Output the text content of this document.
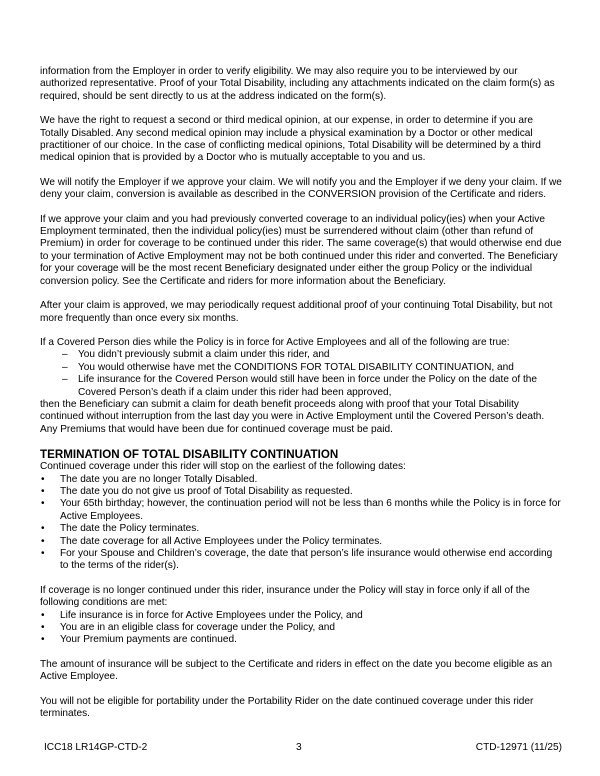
information from the Employer in order to verify eligibility. We may also require you to be interviewed by our authorized representative. Proof of your Total Disability, including any attachments indicated on the claim form(s) as required, should be sent directly to us at the address indicated on the form(s).

We have the right to request a second or third medical opinion, at our expense, in order to determine if you are Totally Disabled. Any second medical opinion may include a physical examination by a Doctor or other medical practitioner of our choice. In the case of conflicting medical opinions, Total Disability will be determined by a third medical opinion that is provided by a Doctor who is mutually acceptable to you and us.

We will notify the Employer if we approve your claim. We will notify you and the Employer if we deny your claim. If we deny your claim, conversion is available as described in the CONVERSION provision of the Certificate and riders.

If we approve your claim and you had previously converted coverage to an individual policy(ies) when your Active Employment terminated, then the individual policy(ies) must be surrendered without claim (other than refund of Premium) in order for coverage to be continued under this rider. The same coverage(s) that would otherwise end due to your termination of Active Employment may not be both continued under this rider and converted. The Beneficiary for your coverage will be the most recent Beneficiary designated under either the group Policy or the individual conversion policy. See the Certificate and riders for more information about the Beneficiary.

After your claim is approved, we may periodically request additional proof of your continuing Total Disability, but not more frequently than once every six months.

If a Covered Person dies while the Policy is in force for Active Employees and all of the following are true:

– You didn’t previously submit a claim under this rider, and
– You would otherwise have met the CONDITIONS FOR TOTAL DISABILITY CONTINUATION, and
– Life insurance for the Covered Person would still have been in force under the Policy on the date of the Covered Person’s death if a claim under this rider had been approved,

then the Beneficiary can submit a claim for death benefit proceeds along with proof that your Total Disability continued without interruption from the last day you were in Active Employment until the Covered Person’s death. Any Premiums that would have been due for continued coverage must be paid.

TERMINATION OF TOTAL DISABILITY CONTINUATION

Continued coverage under this rider will stop on the earliest of the following dates:

• The date you are no longer Totally Disabled.
• The date you do not give us proof of Total Disability as requested.
• Your 65th birthday; however, the continuation period will not be less than 6 months while the Policy is in force for Active Employees.
• The date the Policy terminates.
• The date coverage for all Active Employees under the Policy terminates.
• For your Spouse and Children’s coverage, the date that person’s life insurance would otherwise end according to the terms of the rider(s).

If coverage is no longer continued under this rider, insurance under the Policy will stay in force only if all of the following conditions are met:

• Life insurance is in force for Active Employees under the Policy, and
• You are in an eligible class for coverage under the Policy, and
• Your Premium payments are continued.

The amount of insurance will be subject to the Certificate and riders in effect on the date you become eligible as an Active Employee.

You will not be eligible for portability under the Portability Rider on the date continued coverage under this rider terminates.

ICC18 LR14GP-CTD-2	3	CTD-12971 (11/25)
